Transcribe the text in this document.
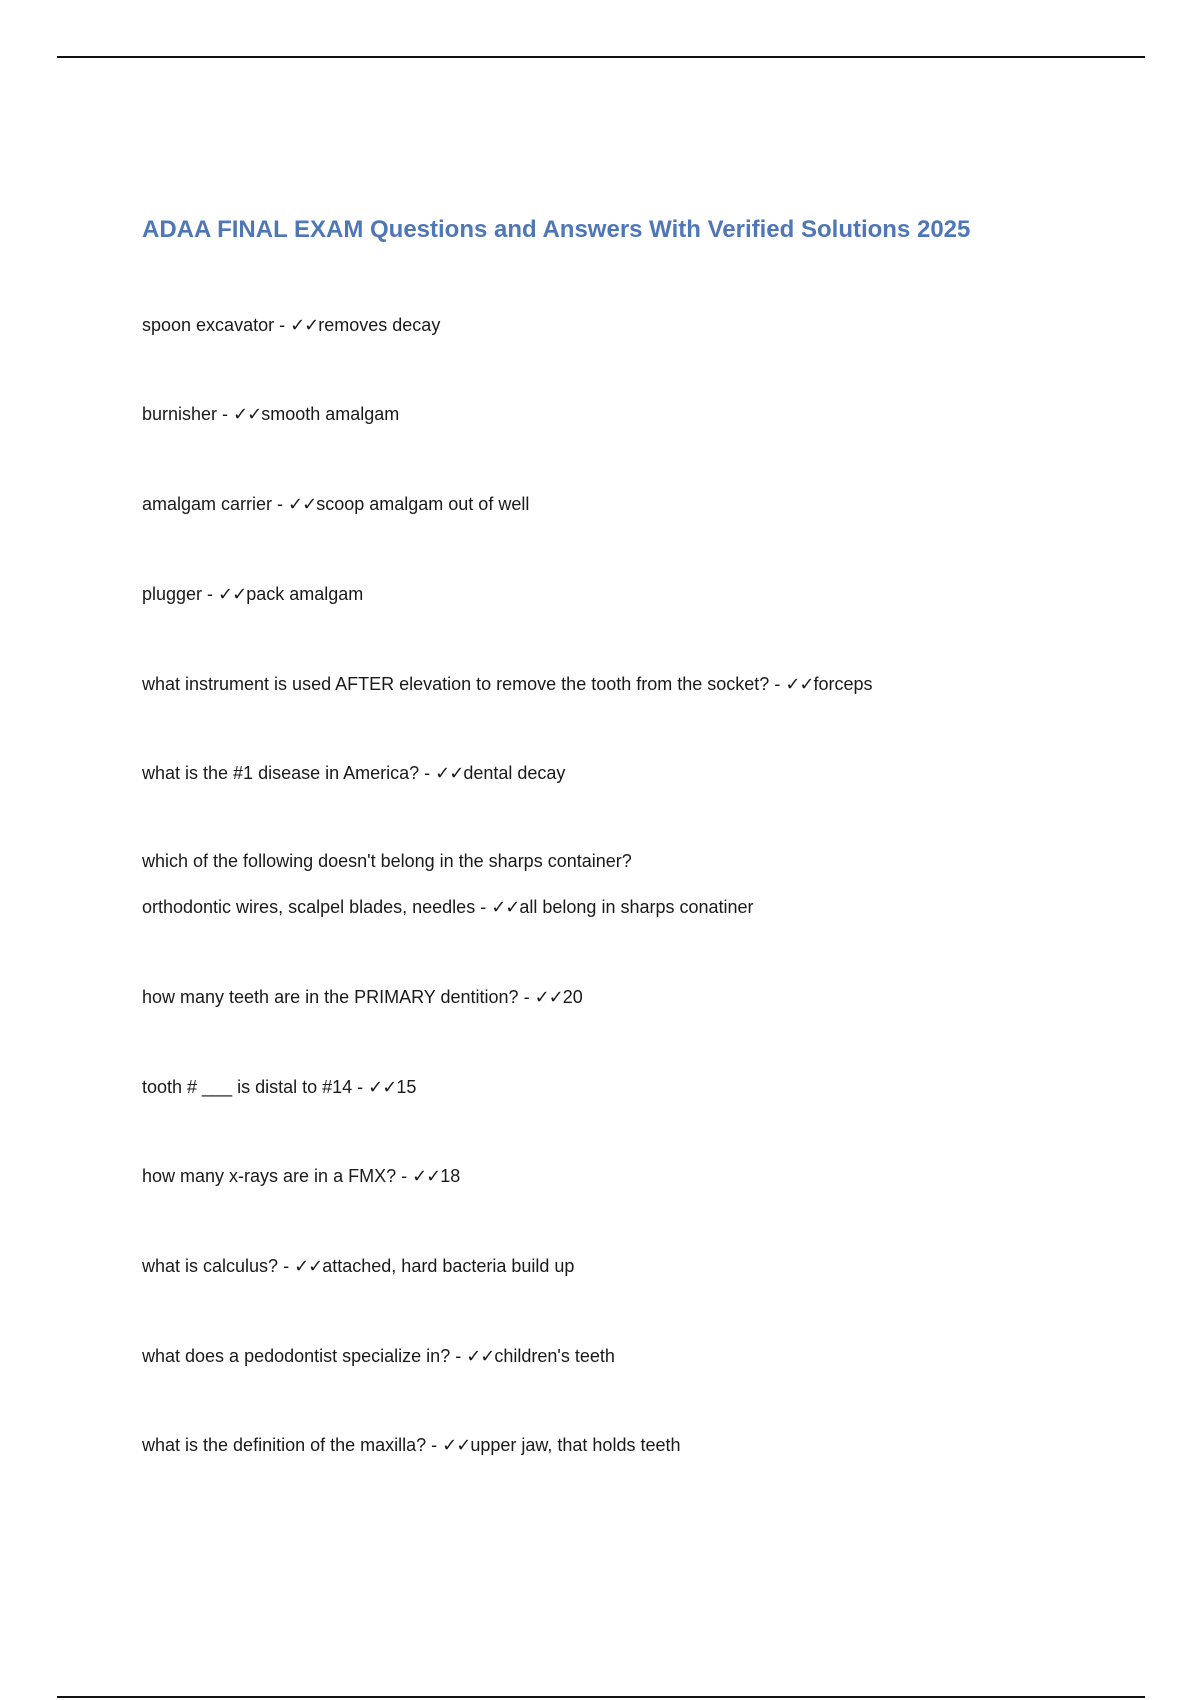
ADAA FINAL EXAM Questions and Answers With Verified Solutions 2025

spoon excavator - ✓✓removes decay

burnisher - ✓✓smooth amalgam

amalgam carrier - ✓✓scoop amalgam out of well

plugger - ✓✓pack amalgam

what instrument is used AFTER elevation to remove the tooth from the socket? - ✓✓forceps

what is the #1 disease in America? - ✓✓dental decay

which of the following doesn't belong in the sharps container?
orthodontic wires, scalpel blades, needles - ✓✓all belong in sharps conatiner

how many teeth are in the PRIMARY dentition? - ✓✓20

tooth # ___ is distal to #14 - ✓✓15

how many x-rays are in a FMX? - ✓✓18

what is calculus? - ✓✓attached, hard bacteria build up

what does a pedodontist specialize in? - ✓✓children's teeth

what is the definition of the maxilla? - ✓✓upper jaw, that holds teeth
